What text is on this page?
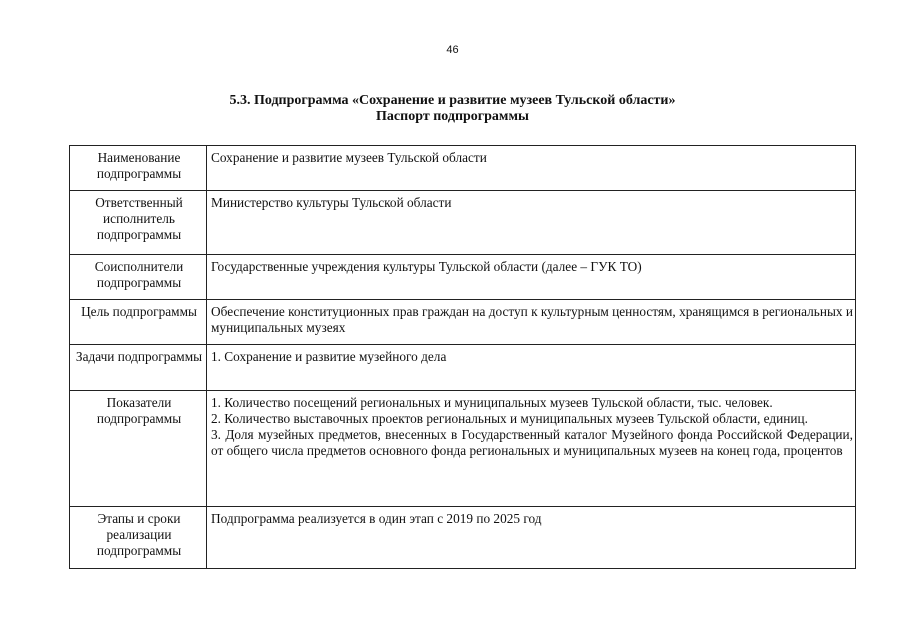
46
5.3. Подпрограмма «Сохранение и развитие музеев Тульской области»
Паспорт подпрограммы
Наименование подпрограммы	Сохранение и развитие музеев Тульской области
Ответственный исполнитель подпрограммы	Министерство культуры Тульской области
Соисполнители подпрограммы	Государственные учреждения культуры Тульской области (далее – ГУК ТО)
Цель подпрограммы	Обеспечение конституционных прав граждан на доступ к культурным ценностям, хранящимся в региональных и муниципальных музеях
Задачи подпрограммы	1. Сохранение и развитие музейного дела
Показатели подпрограммы	1. Количество посещений региональных и муниципальных музеев Тульской области, тыс. человек.
2. Количество выставочных проектов региональных и муниципальных музеев Тульской области, единиц.
3. Доля музейных предметов, внесенных в Государственный каталог Музейного фонда Российской Федерации, от общего числа предметов основного фонда региональных и муниципальных музеев на конец года, процентов

Этапы и сроки реализации подпрограммы	Подпрограмма реализуется в один этап с 2019 по 2025 год
